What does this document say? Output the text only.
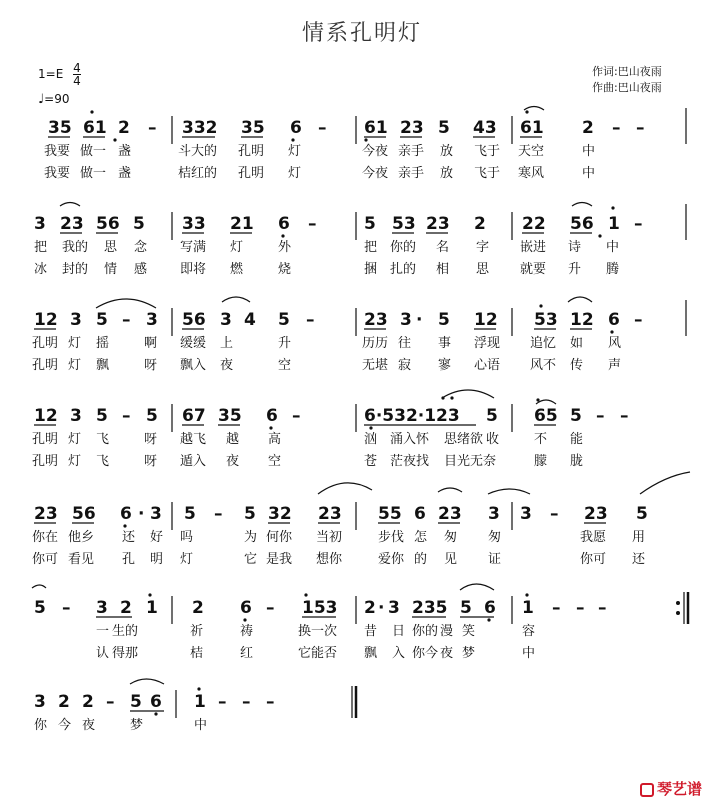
情系孔明灯
$1=E \frac{4}{4}$
♩=90
作词:巴山夜雨
作曲:巴山夜雨
35 61 2 – 332 35 6 – 61 23 5 43 61 2 – –
我要 做一 盏	斗大的 孔明 灯	今夜 亲手 放 飞于 天空	中
我要 做一 盏	桔红的 孔明 灯	今夜 亲手 放 飞于 寒风	中
3 23 56 5 33 21 6 –	5 53 23 2 22 56 1 –
把 我的 思 念	写满 灯	外	把 你的 名 字 嵌进 诗 中
冰 封的 情 感	即将 燃	烧	捆 扎的 相 思 就要 升 腾
12 3 5 – 3 56 3 4 5 –	23 3 · 5 12 53 12 6 –
孔明 灯 摇	啊 缓缓 上	升	历历 往 事 浮现 追忆 如 风
孔明 灯 飘	呀 飘入 夜	空	无堪 寂 寥 心语 风不 传 声
12 3 5 – 5 67 35 6 –	6·532·123 5 65 5 – –
孔明 灯 飞	呀 越飞 越 高	汹 涌入怀 思绪 欲 收	不 能
孔明 灯 飞	呀 遁入 夜 空	苍 茫夜找 目光 无奈	朦 胧
23 56 6 · 3 5 – 5 32 23 55 6 23 3 3 – 23 5
你在 他乡 还 好 吗	为 何你 当初	步伐 怎 匆 匆	我愿 用
你可 看见 孔 明 灯	它 是我 想你	爱你 的 见 证	你可 还
5 – 3 2 1 2 6 – 153 2 · 3 235 5 6 1 – – –
一 生的	祈	祷	换一次 昔 日 你的 漫 笑	容
认 得那	桔	红	它能否 飘 入 你今 夜 梦	中
3 2 2 – 5 6 1 – – –
你 今 夜	梦	中
琴艺谱
